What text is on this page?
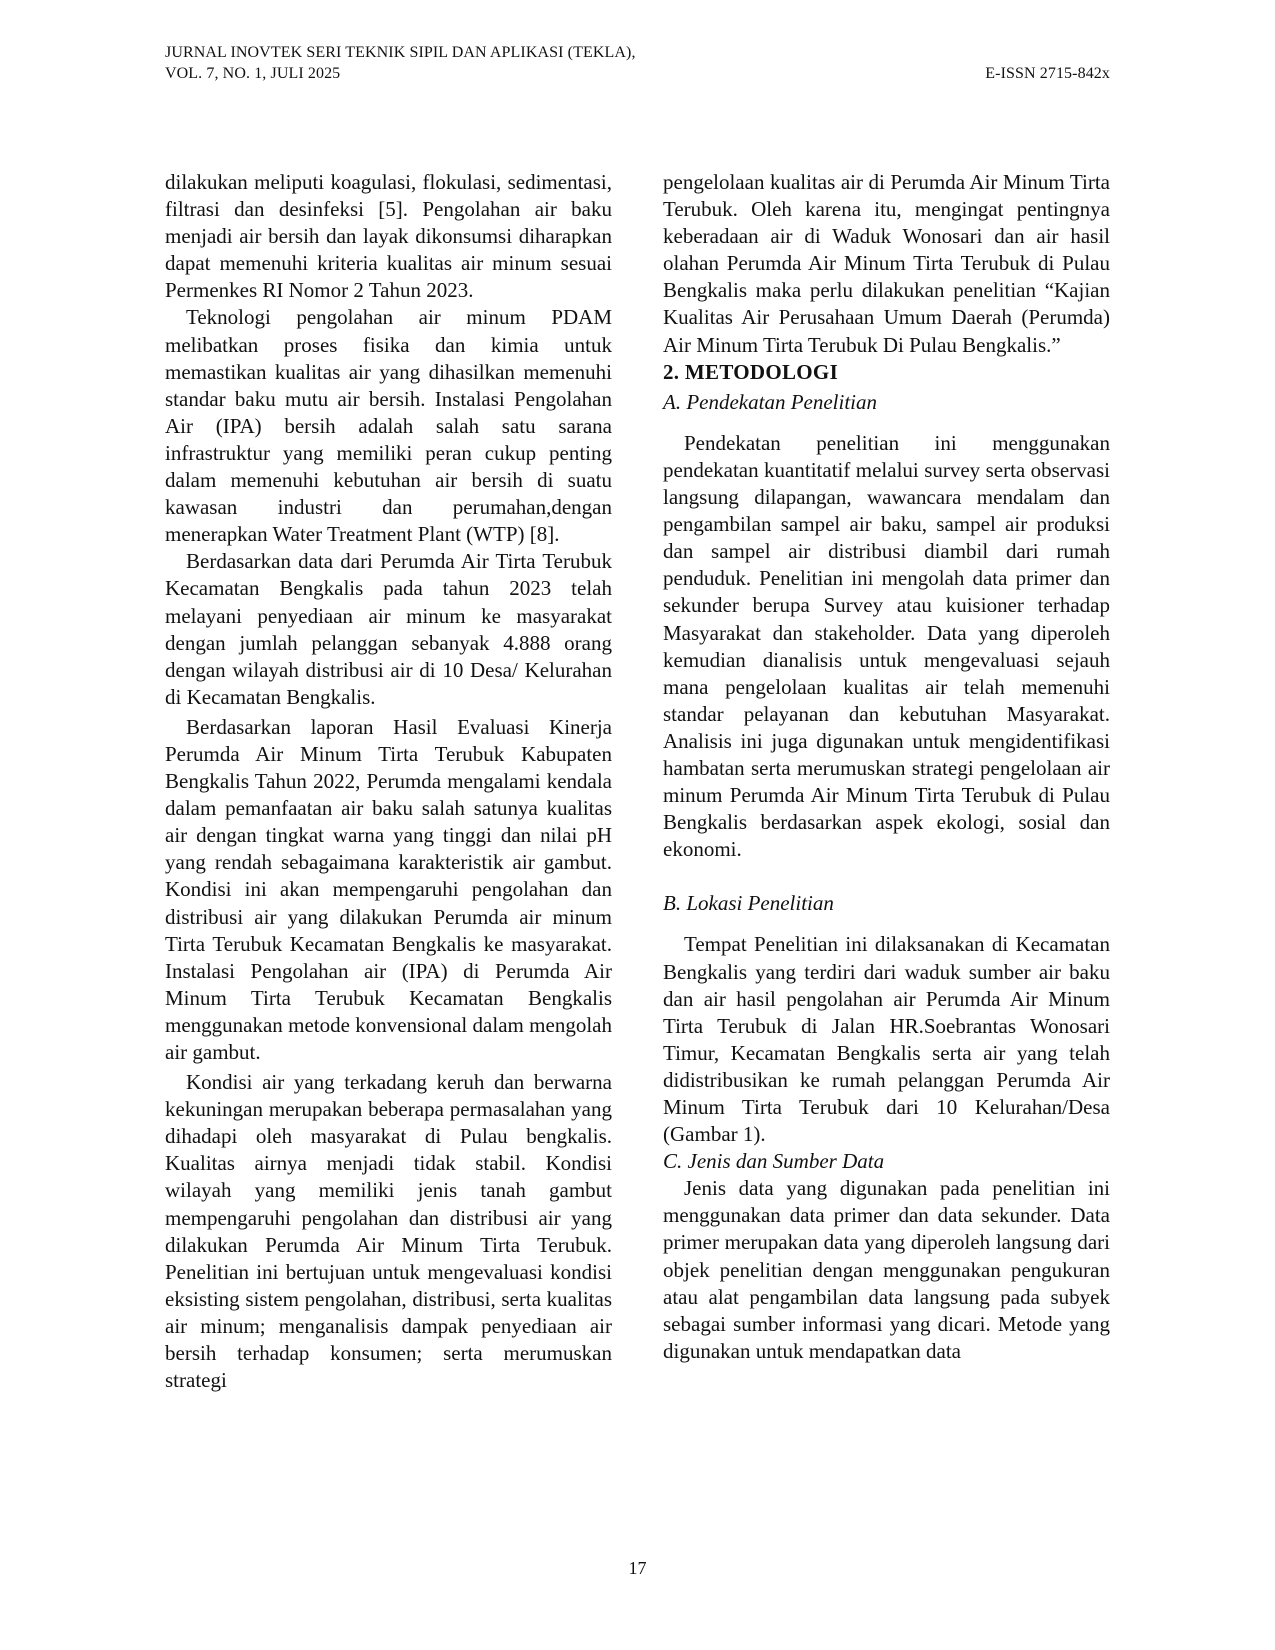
JURNAL INOVTEK SERI TEKNIK SIPIL DAN APLIKASI (TEKLA),
VOL. 7, NO. 1, JULI 2025	E-ISSN 2715-842x

dilakukan meliputi koagulasi, flokulasi, sedimentasi, filtrasi dan desinfeksi [5]. Pengolahan air baku menjadi air bersih dan layak dikonsumsi diharapkan dapat memenuhi kriteria kualitas air minum sesuai Permenkes RI Nomor 2 Tahun 2023.

Teknologi pengolahan air minum PDAM melibatkan proses fisika dan kimia untuk memastikan kualitas air yang dihasilkan memenuhi standar baku mutu air bersih. Instalasi Pengolahan Air (IPA) bersih adalah salah satu sarana infrastruktur yang memiliki peran cukup penting dalam memenuhi kebutuhan air bersih di suatu kawasan industri dan perumahan,dengan menerapkan Water Treatment Plant (WTP) [8].

Berdasarkan data dari Perumda Air Tirta Terubuk Kecamatan Bengkalis pada tahun 2023 telah melayani penyediaan air minum ke masyarakat dengan jumlah pelanggan sebanyak 4.888 orang dengan wilayah distribusi air di 10 Desa/ Kelurahan di Kecamatan Bengkalis.

Berdasarkan laporan Hasil Evaluasi Kinerja Perumda Air Minum Tirta Terubuk Kabupaten Bengkalis Tahun 2022, Perumda mengalami kendala dalam pemanfaatan air baku salah satunya kualitas air dengan tingkat warna yang tinggi dan nilai pH yang rendah sebagaimana karakteristik air gambut. Kondisi ini akan mempengaruhi pengolahan dan distribusi air yang dilakukan Perumda air minum Tirta Terubuk Kecamatan Bengkalis ke masyarakat. Instalasi Pengolahan air (IPA) di Perumda Air Minum Tirta Terubuk Kecamatan Bengkalis menggunakan metode konvensional dalam mengolah air gambut.

Kondisi air yang terkadang keruh dan berwarna kekuningan merupakan beberapa permasalahan yang dihadapi oleh masyarakat di Pulau bengkalis. Kualitas airnya menjadi tidak stabil. Kondisi wilayah yang memiliki jenis tanah gambut mempengaruhi pengolahan dan distribusi air yang dilakukan Perumda Air Minum Tirta Terubuk. Penelitian ini bertujuan untuk mengevaluasi kondisi eksisting sistem pengolahan, distribusi, serta kualitas air minum; menganalisis dampak penyediaan air bersih terhadap konsumen; serta merumuskan strategi

pengelolaan kualitas air di Perumda Air Minum Tirta Terubuk. Oleh karena itu, mengingat pentingnya keberadaan air di Waduk Wonosari dan air hasil olahan Perumda Air Minum Tirta Terubuk di Pulau Bengkalis maka perlu dilakukan penelitian “Kajian Kualitas Air Perusahaan Umum Daerah (Perumda) Air Minum Tirta Terubuk Di Pulau Bengkalis.”

2. METODOLOGI

A. Pendekatan Penelitian

Pendekatan penelitian ini menggunakan pendekatan kuantitatif melalui survey serta observasi langsung dilapangan, wawancara mendalam dan pengambilan sampel air baku, sampel air produksi dan sampel air distribusi diambil dari rumah penduduk. Penelitian ini mengolah data primer dan sekunder berupa Survey atau kuisioner terhadap Masyarakat dan stakeholder. Data yang diperoleh kemudian dianalisis untuk mengevaluasi sejauh mana pengelolaan kualitas air telah memenuhi standar pelayanan dan kebutuhan Masyarakat. Analisis ini juga digunakan untuk mengidentifikasi hambatan serta merumuskan strategi pengelolaan air minum Perumda Air Minum Tirta Terubuk di Pulau Bengkalis berdasarkan aspek ekologi, sosial dan ekonomi.

B. Lokasi Penelitian

Tempat Penelitian ini dilaksanakan di Kecamatan Bengkalis yang terdiri dari waduk sumber air baku dan air hasil pengolahan air Perumda Air Minum Tirta Terubuk di Jalan HR.Soebrantas Wonosari Timur, Kecamatan Bengkalis serta air yang telah didistribusikan ke rumah pelanggan Perumda Air Minum Tirta Terubuk dari 10 Kelurahan/Desa (Gambar 1).

C. Jenis dan Sumber Data

Jenis data yang digunakan pada penelitian ini menggunakan data primer dan data sekunder. Data primer merupakan data yang diperoleh langsung dari objek penelitian dengan menggunakan pengukuran atau alat pengambilan data langsung pada subyek sebagai sumber informasi yang dicari. Metode yang digunakan untuk mendapatkan data

17
